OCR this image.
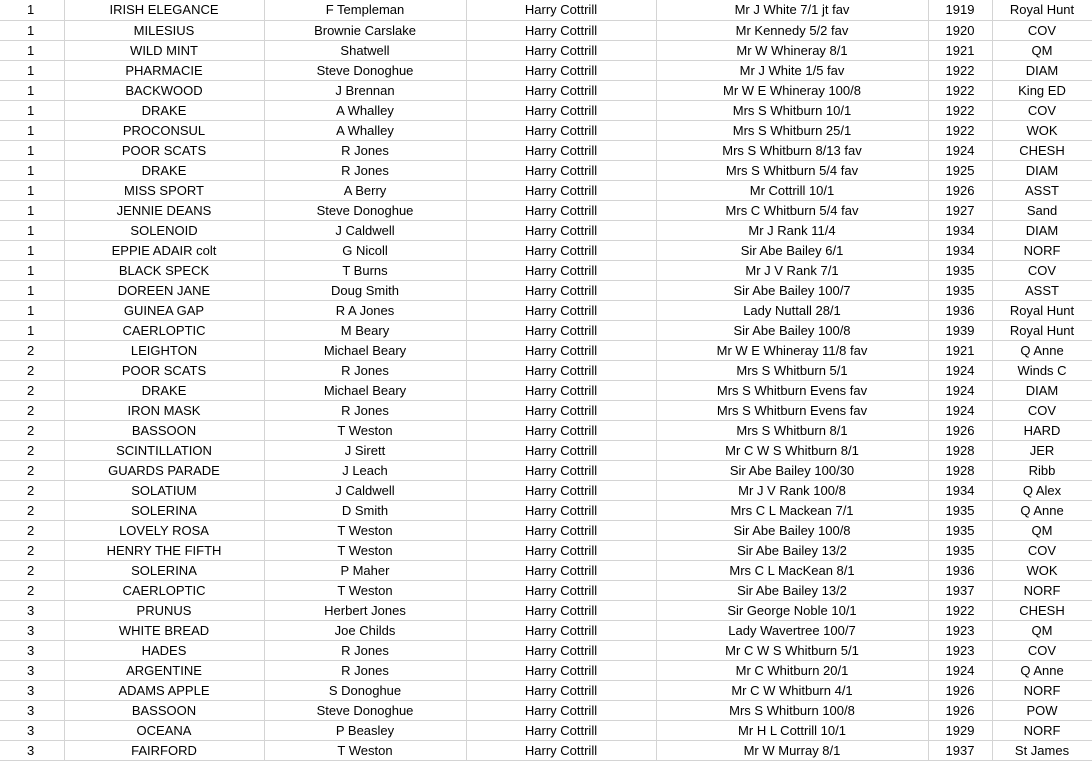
1	IRISH ELEGANCE	F Templeman	Harry Cottrill	Mr J White 7/1 jt fav	1919	Royal Hunt
1	MILESIUS	Brownie Carslake	Harry Cottrill	Mr Kennedy 5/2 fav	1920	COV
1	WILD MINT	Shatwell	Harry Cottrill	Mr W Whineray 8/1	1921	QM
1	PHARMACIE	Steve Donoghue	Harry Cottrill	Mr J White 1/5 fav	1922	DIAM
1	BACKWOOD	J Brennan	Harry Cottrill	Mr W E Whineray 100/8	1922	King ED
1	DRAKE	A Whalley	Harry Cottrill	Mrs S Whitburn 10/1	1922	COV
1	PROCONSUL	A Whalley	Harry Cottrill	Mrs S Whitburn 25/1	1922	WOK
1	POOR SCATS	R Jones	Harry Cottrill	Mrs S Whitburn 8/13 fav	1924	CHESH
1	DRAKE	R Jones	Harry Cottrill	Mrs S Whitburn 5/4 fav	1925	DIAM
1	MISS SPORT	A Berry	Harry Cottrill	Mr Cottrill 10/1	1926	ASST
1	JENNIE DEANS	Steve Donoghue	Harry Cottrill	Mrs C Whitburn 5/4 fav	1927	Sand
1	SOLENOID	J Caldwell	Harry Cottrill	Mr J Rank 11/4	1934	DIAM
1	EPPIE ADAIR colt	G Nicoll	Harry Cottrill	Sir Abe Bailey 6/1	1934	NORF
1	BLACK SPECK	T Burns	Harry Cottrill	Mr J V Rank 7/1	1935	COV
1	DOREEN JANE	Doug Smith	Harry Cottrill	Sir Abe Bailey 100/7	1935	ASST
1	GUINEA GAP	R A Jones	Harry Cottrill	Lady Nuttall 28/1	1936	Royal Hunt
1	CAERLOPTIC	M Beary	Harry Cottrill	Sir Abe Bailey 100/8	1939	Royal Hunt
2	LEIGHTON	Michael Beary	Harry Cottrill	Mr W E Whineray 11/8 fav	1921	Q Anne
2	POOR SCATS	R Jones	Harry Cottrill	Mrs S Whitburn 5/1	1924	Winds C
2	DRAKE	Michael Beary	Harry Cottrill	Mrs S Whitburn Evens fav	1924	DIAM
2	IRON MASK	R Jones	Harry Cottrill	Mrs S Whitburn Evens fav	1924	COV
2	BASSOON	T Weston	Harry Cottrill	Mrs S Whitburn 8/1	1926	HARD
2	SCINTILLATION	J Sirett	Harry Cottrill	Mr C W S Whitburn 8/1	1928	JER
2	GUARDS PARADE	J Leach	Harry Cottrill	Sir Abe Bailey 100/30	1928	Ribb
2	SOLATIUM	J Caldwell	Harry Cottrill	Mr J V Rank 100/8	1934	Q Alex
2	SOLERINA	D Smith	Harry Cottrill	Mrs C L Mackean 7/1	1935	Q Anne
2	LOVELY ROSA	T Weston	Harry Cottrill	Sir Abe Bailey 100/8	1935	QM
2	HENRY THE FIFTH	T Weston	Harry Cottrill	Sir Abe Bailey 13/2	1935	COV
2	SOLERINA	P Maher	Harry Cottrill	Mrs C L MacKean 8/1	1936	WOK
2	CAERLOPTIC	T Weston	Harry Cottrill	Sir Abe Bailey 13/2	1937	NORF
3	PRUNUS	Herbert Jones	Harry Cottrill	Sir George Noble 10/1	1922	CHESH
3	WHITE BREAD	Joe Childs	Harry Cottrill	Lady Wavertree 100/7	1923	QM
3	HADES	R Jones	Harry Cottrill	Mr C W S Whitburn 5/1	1923	COV
3	ARGENTINE	R Jones	Harry Cottrill	Mr C Whitburn 20/1	1924	Q Anne
3	ADAMS APPLE	S Donoghue	Harry Cottrill	Mr C W Whitburn 4/1	1926	NORF
3	BASSOON	Steve Donoghue	Harry Cottrill	Mrs S Whitburn 100/8	1926	POW
3	OCEANA	P Beasley	Harry Cottrill	Mr H L Cottrill 10/1	1929	NORF
3	FAIRFORD	T Weston	Harry Cottrill	Mr W Murray 8/1	1937	St James
